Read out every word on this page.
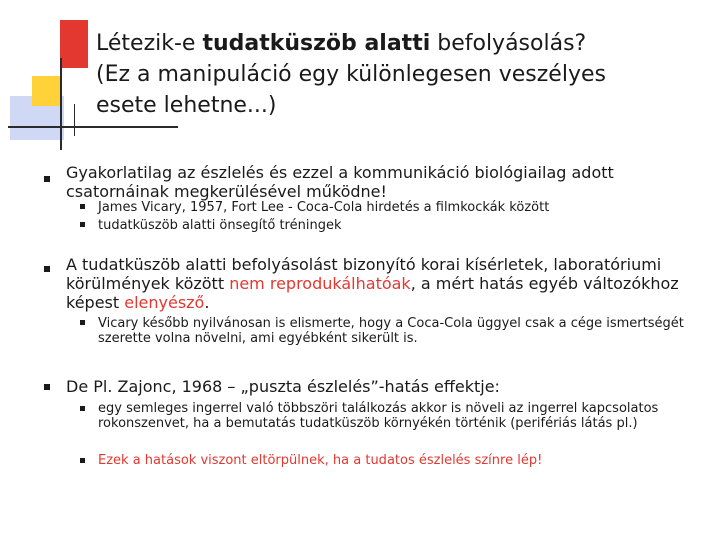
Létezik-e tudatküszöb alatti befolyásolás?
(Ez a manipuláció egy különlegesen veszélyes
esete lehetne...)
Gyakorlatilag az észlelés és ezzel a kommunikáció biológiailag adott csatornáinak megkerülésével működne!
James Vicary, 1957, Fort Lee - Coca-Cola hirdetés a filmkockák között
tudatküszöb alatti önsegítő tréningek
A tudatküszöb alatti befolyásolást bizonyító korai kísérletek, laboratóriumi körülmények között nem reprodukálhatóak, a mért hatás egyéb változókhoz képest elenyésző.
Vicary később nyilvánosan is elismerte, hogy a Coca-Cola üggyel csak a cége ismertségét szerette volna növelni, ami egyébként sikerült is.
De Pl. Zajonc, 1968 – „puszta észlelés”-hatás effektje:
egy semleges ingerrel való többszöri találkozás akkor is növeli az ingerrel kapcsolatos rokonszenvet, ha a bemutatás tudatküszöb környékén történik (perifériás látás pl.)
Ezek a hatások viszont eltörpülnek, ha a tudatos észlelés színre lép!
